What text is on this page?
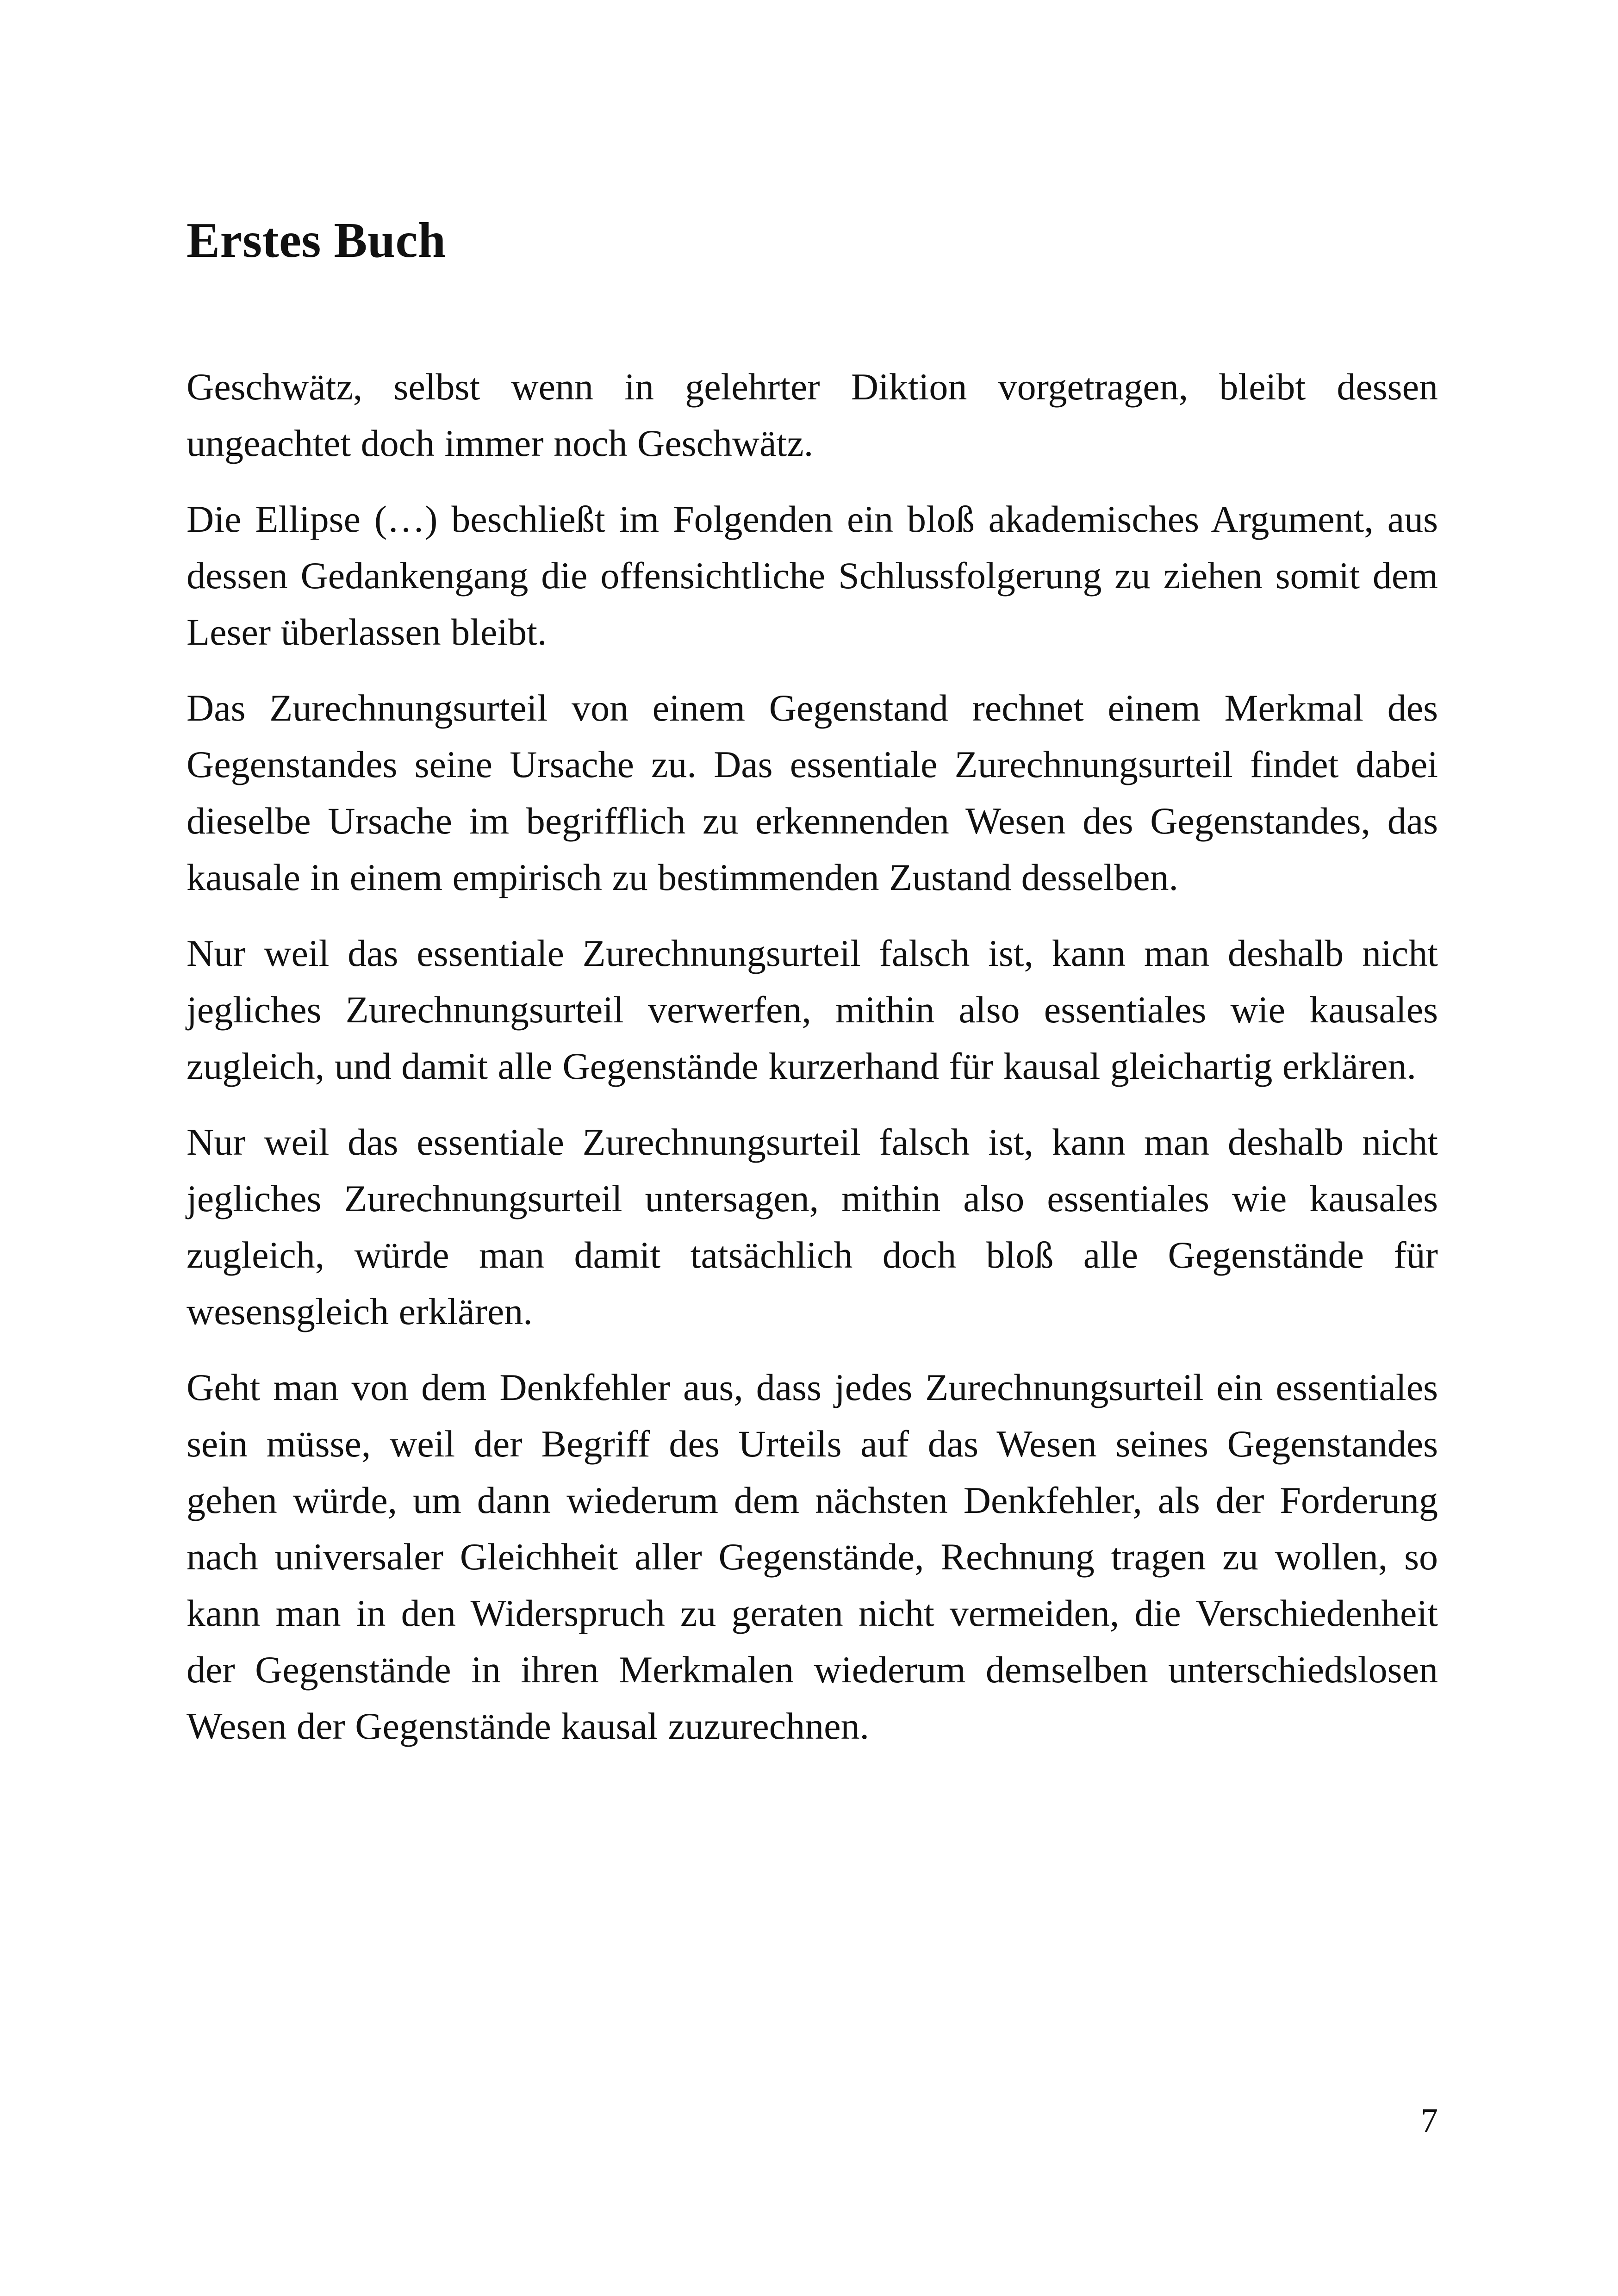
Erstes Buch

Geschwätz, selbst wenn in gelehrter Diktion vorgetragen, bleibt dessen ungeachtet doch immer noch Geschwätz.

Die Ellipse (…) beschließt im Folgenden ein bloß akademisches Argument, aus dessen Gedankengang die offensichtliche Schlussfolgerung zu ziehen somit dem Leser überlassen bleibt.

Das Zurechnungsurteil von einem Gegenstand rechnet einem Merkmal des Gegenstandes seine Ursache zu. Das essentiale Zurechnungsurteil findet dabei dieselbe Ursache im begrifflich zu erkennenden Wesen des Gegenstandes, das kausale in einem empirisch zu bestimmenden Zustand desselben.

Nur weil das essentiale Zurechnungsurteil falsch ist, kann man deshalb nicht jegliches Zurechnungsurteil verwerfen, mithin also essentiales wie kausales zugleich, und damit alle Gegenstände kurzerhand für kausal gleichartig erklären.

Nur weil das essentiale Zurechnungsurteil falsch ist, kann man deshalb nicht jegliches Zurechnungsurteil untersagen, mithin also essentiales wie kausales zugleich, würde man damit tatsächlich doch bloß alle Gegenstände für wesensgleich erklären.

Geht man von dem Denkfehler aus, dass jedes Zurechnungsurteil ein essentiales sein müsse, weil der Begriff des Urteils auf das Wesen seines Gegenstandes gehen würde, um dann wiederum dem nächsten Denkfehler, als der Forderung nach universaler Gleichheit aller Gegenstände, Rechnung tragen zu wollen, so kann man in den Widerspruch zu geraten nicht vermeiden, die Verschiedenheit der Gegenstände in ihren Merkmalen wiederum demselben unterschiedslosen Wesen der Gegenstände kausal zuzurechnen.

7
